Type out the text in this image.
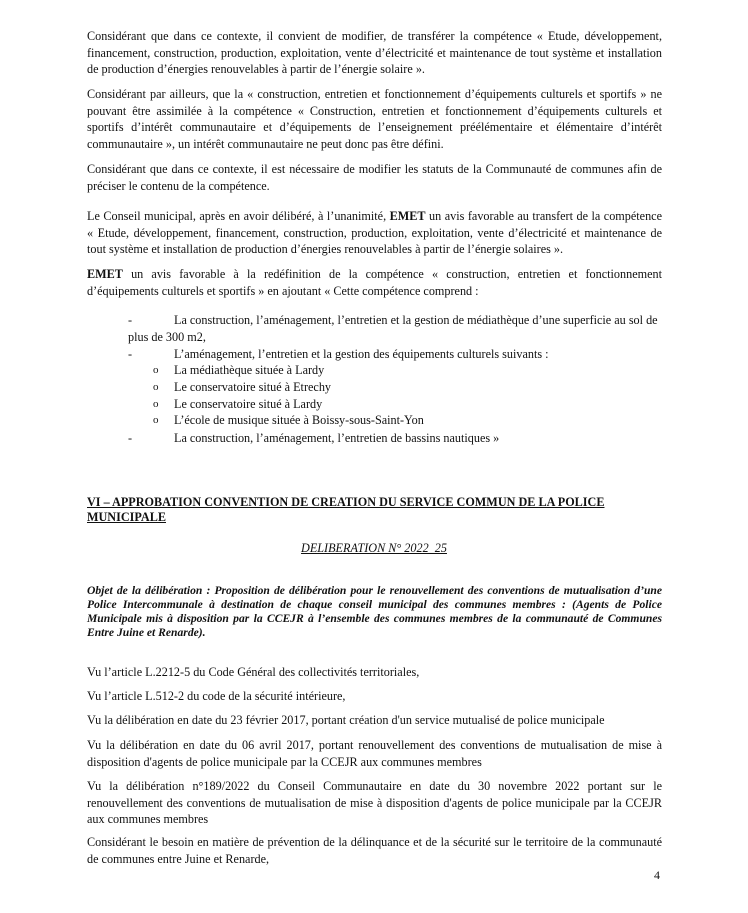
Considérant que dans ce contexte, il convient de modifier, de transférer la compétence « Etude, développement, financement, construction, production, exploitation, vente d’électricité et maintenance de tout système et installation de production d’énergies renouvelables à partir de l’énergie solaire ».

Considérant par ailleurs, que la « construction, entretien et fonctionnement d’équipements culturels et sportifs » ne pouvant être assimilée à la compétence « Construction, entretien et fonctionnement d’équipements culturels et sportifs d’intérêt communautaire et d’équipements de l’enseignement préélémentaire et élémentaire d’intérêt communautaire », un intérêt communautaire ne peut donc pas être défini.

Considérant que dans ce contexte, il est nécessaire de modifier les statuts de la Communauté de communes afin de préciser le contenu de la compétence.

Le Conseil municipal, après en avoir délibéré, à l’unanimité, EMET un avis favorable au transfert de la compétence « Etude, développement, financement, construction, production, exploitation, vente d’électricité et maintenance de tout système et installation de production d’énergies renouvelables à partir de l’énergie solaires ».

EMET un avis favorable à la redéfinition de la compétence « construction, entretien et fonctionnement d’équipements culturels et sportifs » en ajoutant « Cette compétence comprend :

-	La construction, l’aménagement, l’entretien et la gestion de médiathèque d’une superficie au sol de

plus de 300 m2,

-	L’aménagement, l’entretien et la gestion des équipements culturels suivants :

o La médiathèque située à Lardy

o Le conservatoire situé à Etrechy

o Le conservatoire situé à Lardy

o L’école de musique située à Boissy-sous-Saint-Yon

-	La construction, l’aménagement, l’entretien de bassins nautiques »

VI – APPROBATION CONVENTION DE CREATION DU SERVICE COMMUN DE LA POLICE MUNICIPALE

DELIBERATION N° 2022_25

Objet de la délibération : Proposition de délibération pour le renouvellement des conventions de mutualisation d’une Police Intercommunale à destination de chaque conseil municipal des communes membres : (Agents de Police Municipale mis à disposition par la CCEJR à l’ensemble des communes membres de la communauté de Communes Entre Juine et Renarde).

Vu l’article L.2212-5 du Code Général des collectivités territoriales,

Vu l’article L.512-2 du code de la sécurité intérieure,

Vu la délibération en date du 23 février 2017, portant création d'un service mutualisé de police municipale

Vu la délibération en date du 06 avril 2017, portant renouvellement des conventions de mutualisation de mise à disposition d'agents de police municipale par la CCEJR aux communes membres

Vu la délibération n°189/2022 du Conseil Communautaire en date du 30 novembre 2022 portant sur le renouvellement des conventions de mutualisation de mise à disposition d'agents de police municipale par la CCEJR aux communes membres

Considérant le besoin en matière de prévention de la délinquance et de la sécurité sur le territoire de la communauté de communes entre Juine et Renarde,

4
